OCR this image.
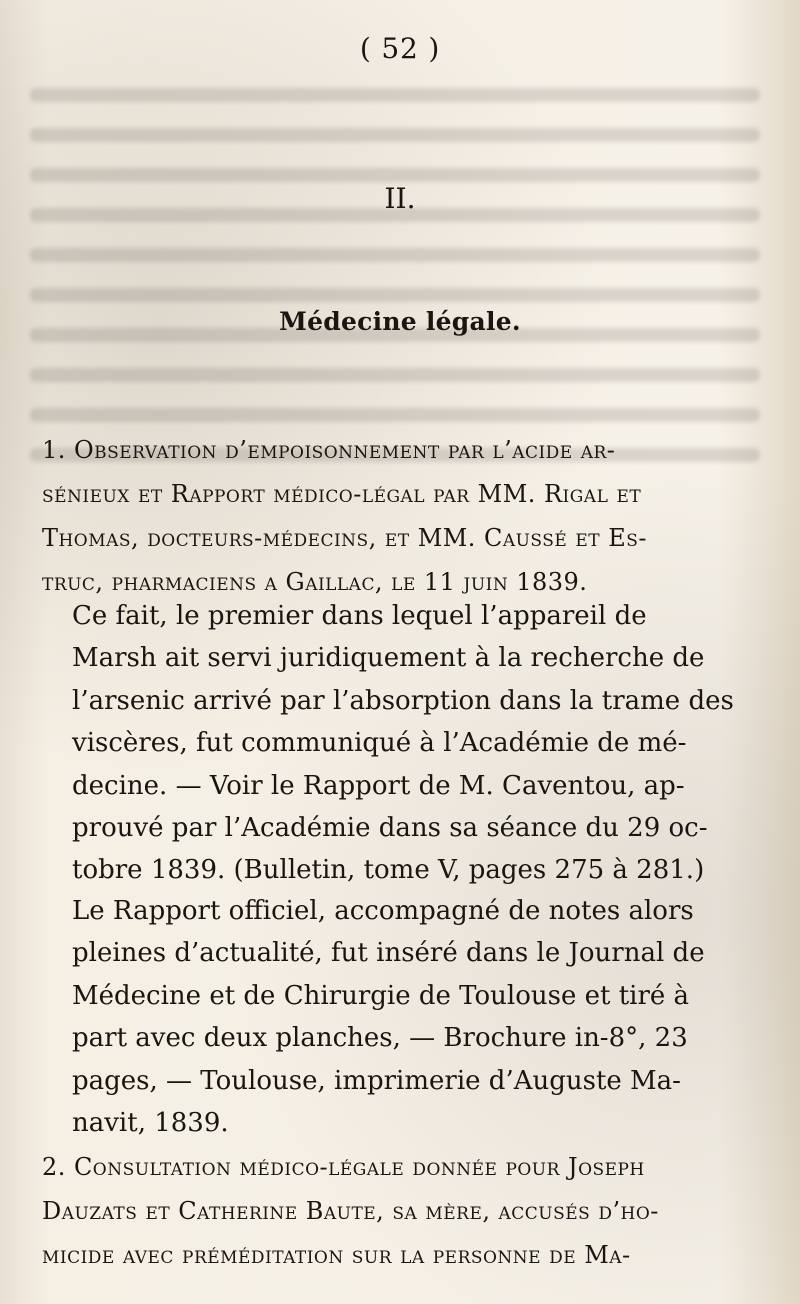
( 52 )
II.
Médecine légale.
1. Observation d’empoisonnement par l’acide ar-
sénieux et Rapport médico-légal par MM. Rigal et
Thomas, docteurs-médecins, et MM. Caussé et Es-
truc, pharmaciens a Gaillac, le 11 juin 1839.
Ce fait, le premier dans lequel l’appareil de
Marsh ait servi juridiquement à la recherche de
l’arsenic arrivé par l’absorption dans la trame des
viscères, fut communiqué à l’Académie de mé-
decine. — Voir le Rapport de M. Caventou, ap-
prouvé par l’Académie dans sa séance du 29 oc-
tobre 1839. (Bulletin, tome V, pages 275 à 281.)
Le Rapport officiel, accompagné de notes alors
pleines d’actualité, fut inséré dans le Journal de
Médecine et de Chirurgie de Toulouse et tiré à
part avec deux planches, — Brochure in-8°, 23
pages, — Toulouse, imprimerie d’Auguste Ma-
navit, 1839.
2. Consultation médico-légale donnée pour Joseph
Dauzats et Catherine Baute, sa mère, accusés d’ho-
micide avec préméditation sur la personne de Ma-
